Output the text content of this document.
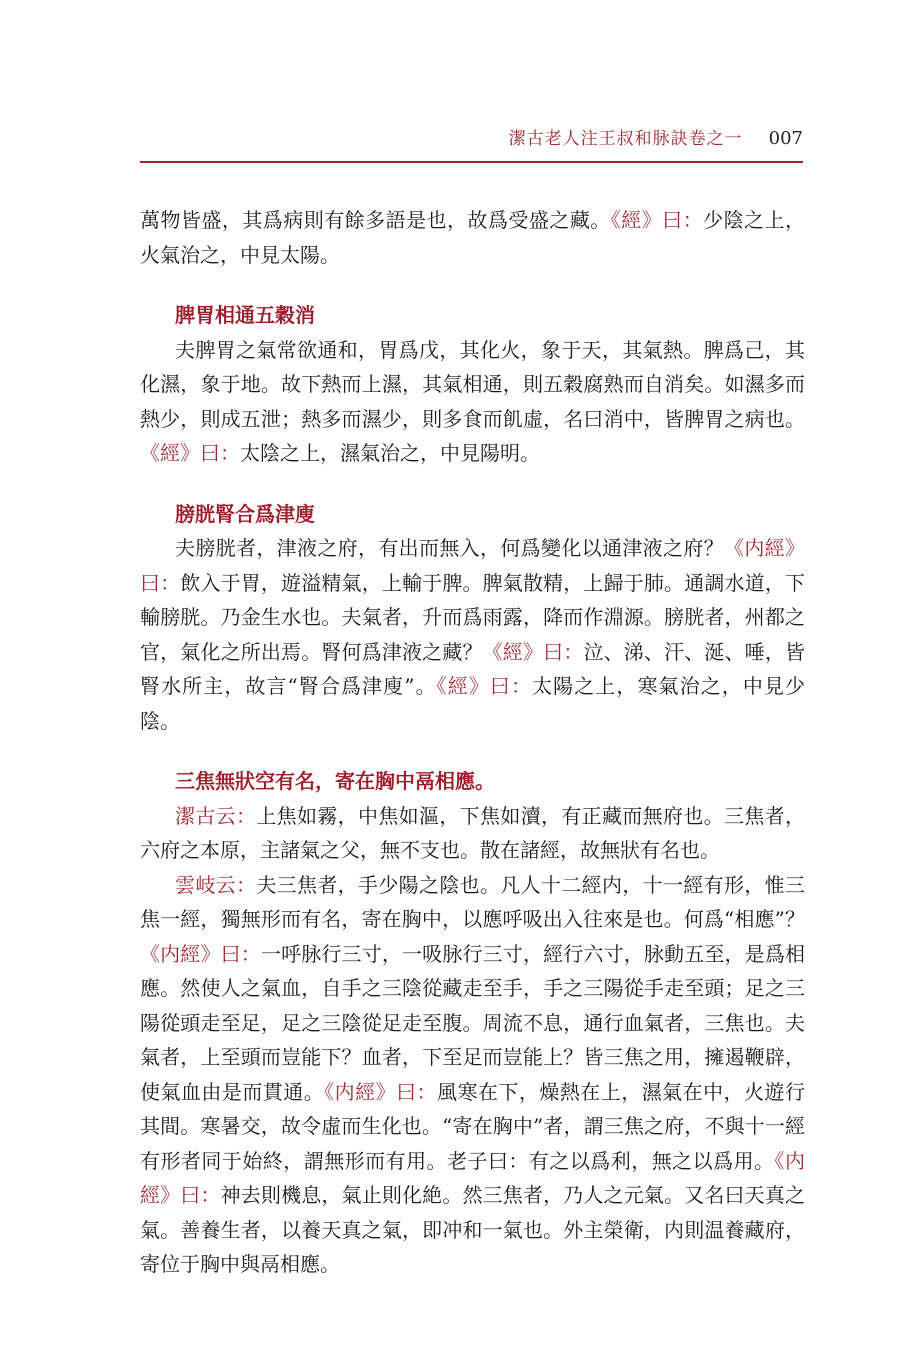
潔古老人注王叔和脉訣卷之一 007

萬物皆盛，其爲病則有餘多語是也，故爲受盛之藏。《經》曰：少陰之上，火氣治之，中見太陽。

脾胃相通五穀消

夫脾胃之氣常欲通和，胃爲戊，其化火，象于天，其氣熱。脾爲己，其化濕，象于地。故下熱而上濕，其氣相通，則五穀腐熟而自消矣。如濕多而熱少，則成五泄；熱多而濕少，則多食而飢虛，名曰消中，皆脾胃之病也。《經》曰：太陰之上，濕氣治之，中見陽明。

膀胱腎合爲津廋

夫膀胱者，津液之府，有出而無入，何爲變化以通津液之府？《内經》曰：飲入于胃，遊溢精氣，上輸于脾。脾氣散精，上歸于肺。通調水道，下輸膀胱。乃金生水也。夫氣者，升而爲雨露，降而作淵源。膀胱者，州都之官，氣化之所出焉。腎何爲津液之藏？《經》曰：泣、涕、汗、涎、唾，皆腎水所主，故言“腎合爲津廋”。《經》曰：太陽之上，寒氣治之，中見少陰。

三焦無狀空有名，寄在胸中鬲相應。

潔古云：上焦如霧，中焦如漚，下焦如瀆，有正藏而無府也。三焦者，六府之本原，主諸氣之父，無不支也。散在諸經，故無狀有名也。

雲岐云：夫三焦者，手少陽之陰也。凡人十二經内，十一經有形，惟三焦一經，獨無形而有名，寄在胸中，以應呼吸出入往來是也。何爲“相應”？《内經》曰：一呼脉行三寸，一吸脉行三寸，經行六寸，脉動五至，是爲相應。然使人之氣血，自手之三陰從藏走至手，手之三陽從手走至頭；足之三陽從頭走至足，足之三陰從足走至腹。周流不息，通行血氣者，三焦也。夫氣者，上至頭而豈能下？血者，下至足而豈能上？皆三焦之用，擁遏鞭辟，使氣血由是而貫通。《内經》曰：風寒在下，燥熱在上，濕氣在中，火遊行其間。寒暑交，故令虛而生化也。“寄在胸中”者，謂三焦之府，不與十一經有形者同于始終，謂無形而有用。老子曰：有之以爲利，無之以爲用。《内經》曰：神去則機息，氣止則化絶。然三焦者，乃人之元氣。又名曰天真之氣。善養生者，以養天真之氣，即冲和一氣也。外主榮衛，内則温養藏府，寄位于胸中與鬲相應。
